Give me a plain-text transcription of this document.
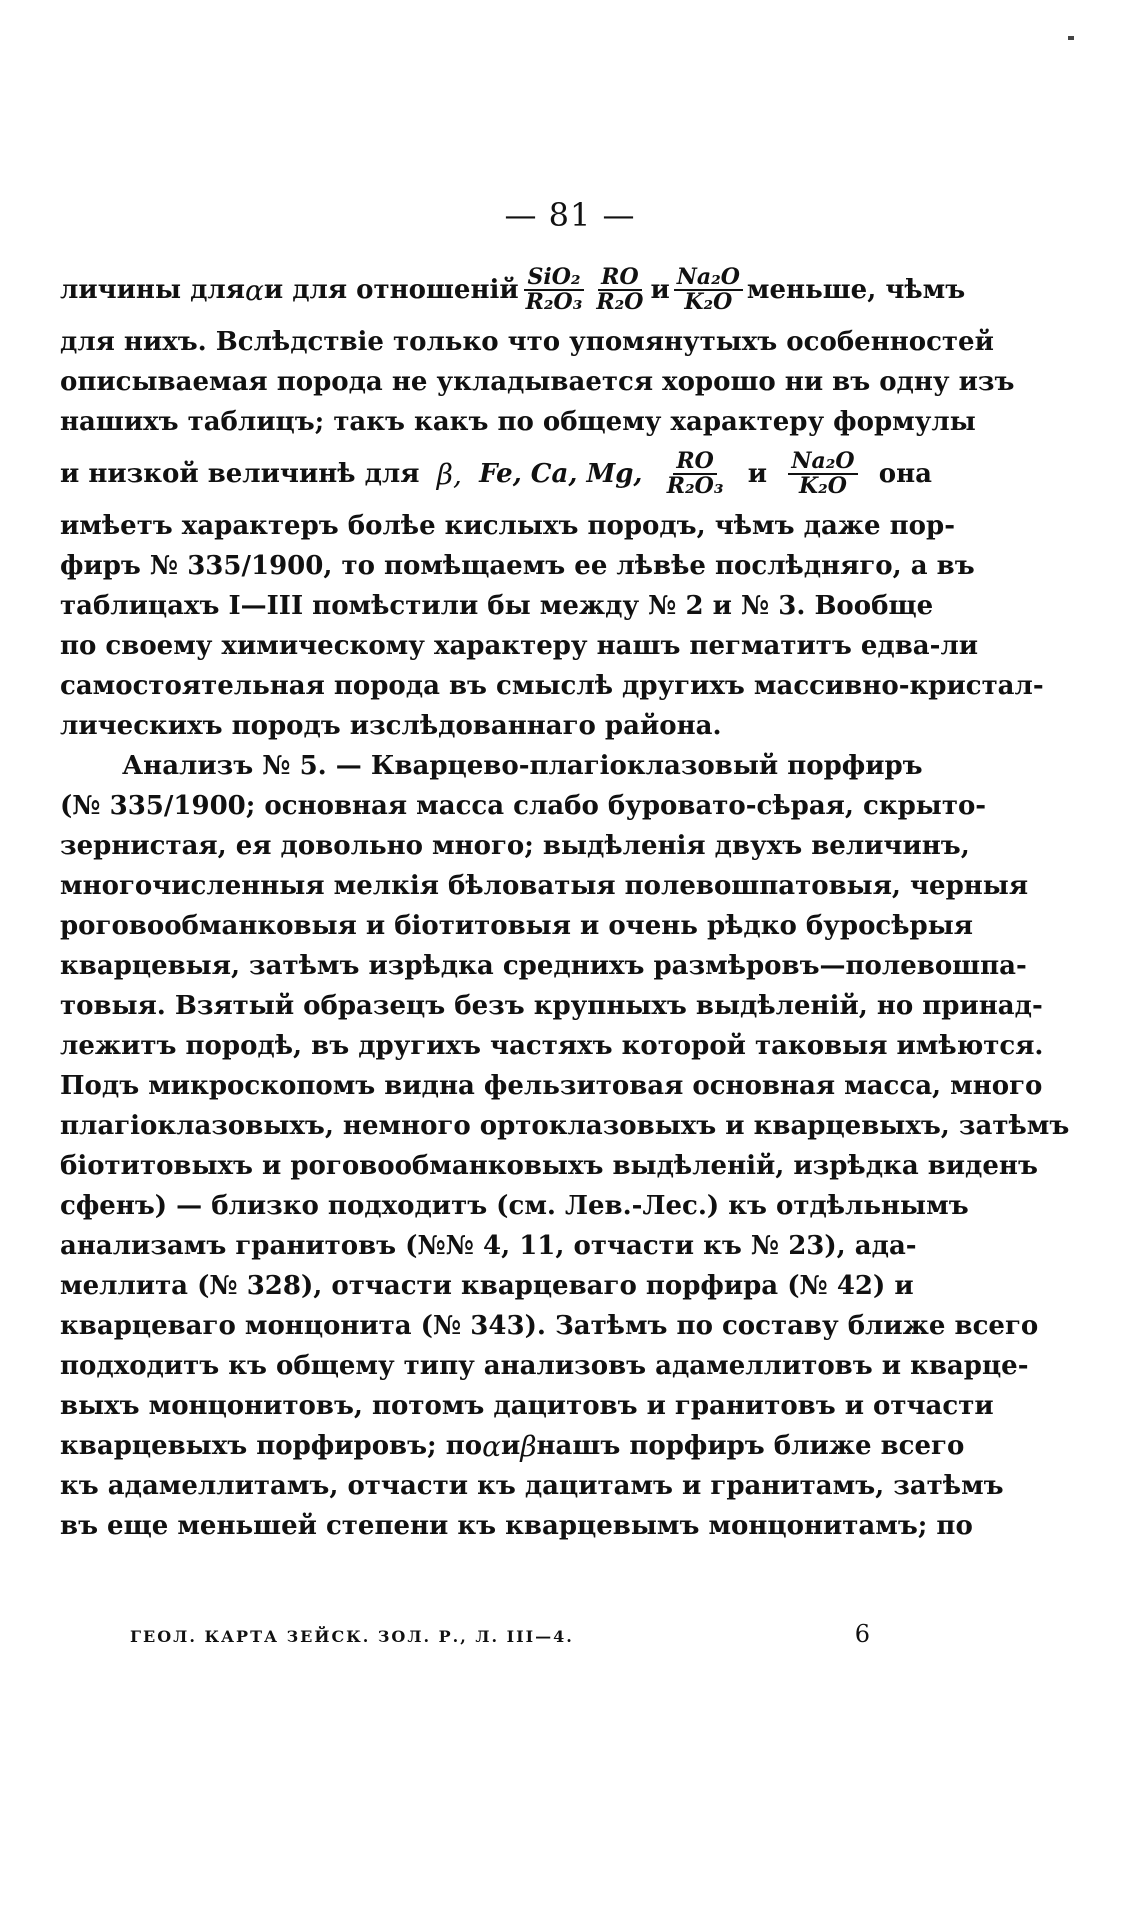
— 81 —
личины для α и для отношеній $\frac{\text{SiO₂}}{\text{R₂O₃}} \frac{RO}{\text{R₂O}}$ и $\frac{\text{Na₂O}}{\text{K₂O}}$ меньше, чѣмъ
для нихъ. Вслѣдствіе только что упомянутыхъ особенностей
описываемая порода не укладывается хорошо ни въ одну изъ
нашихъ таблицъ; такъ какъ по общему характеру формулы
и низкой величинѣ для β, Fe, Ca, Mg, $\frac{RO}{\text{R₂O₃}}$ и $\frac{\text{Na₂O}}{\text{K₂O}}$ она
имѣетъ характеръ болѣе кислыхъ породъ, чѣмъ даже пор-
фиръ № 335/1900, то помѣщаемъ ее лѣвѣе послѣдняго, а въ
таблицахъ I—III помѣстили бы между № 2 и № 3. Вообще
по своему химическому характеру нашъ пегматитъ едва-ли
самостоятельная порода въ смыслѣ другихъ массивно-кристал-
лическихъ породъ изслѣдованнаго района.
Анализъ № 5. — Кварцево-плагіоклазовый порфиръ
(№ 335/1900; основная масса слабо буровато-сѣрая, скрыто-
зернистая, ея довольно много; выдѣленія двухъ величинъ,
многочисленныя мелкія бѣловатыя полевошпатовыя, черныя
роговообманковыя и біотитовыя и очень рѣдко буросѣрыя
кварцевыя, затѣмъ изрѣдка среднихъ размѣровъ—полевошпа-
товыя. Взятый образецъ безъ крупныхъ выдѣленій, но принад-
лежитъ породѣ, въ другихъ частяхъ которой таковыя имѣются.
Подъ микроскопомъ видна фельзитовая основная масса, много
плагіоклазовыхъ, немного ортоклазовыхъ и кварцевыхъ, затѣмъ
біотитовыхъ и роговообманковыхъ выдѣленій, изрѣдка виденъ
сфенъ) — близко подходитъ (см. Лев.-Лес.) къ отдѣльнымъ
анализамъ гранитовъ (№№ 4, 11, отчасти къ № 23), ада-
меллита (№ 328), отчасти кварцеваго порфира (№ 42) и
кварцеваго монцонита (№ 343). Затѣмъ по составу ближе всего
подходитъ къ общему типу анализовъ адамеллитовъ и кварце-
выхъ монцонитовъ, потомъ дацитовъ и гранитовъ и отчасти
кварцевыхъ порфировъ; по α и β нашъ порфиръ ближе всего
къ адамеллитамъ, отчасти къ дацитамъ и гранитамъ, затѣмъ
въ еще меньшей степени къ кварцевымъ монцонитамъ; по
ГЕОЛ. КАРТА ЗЕЙСК. ЗОЛ. Р., Л. III—4.	6
